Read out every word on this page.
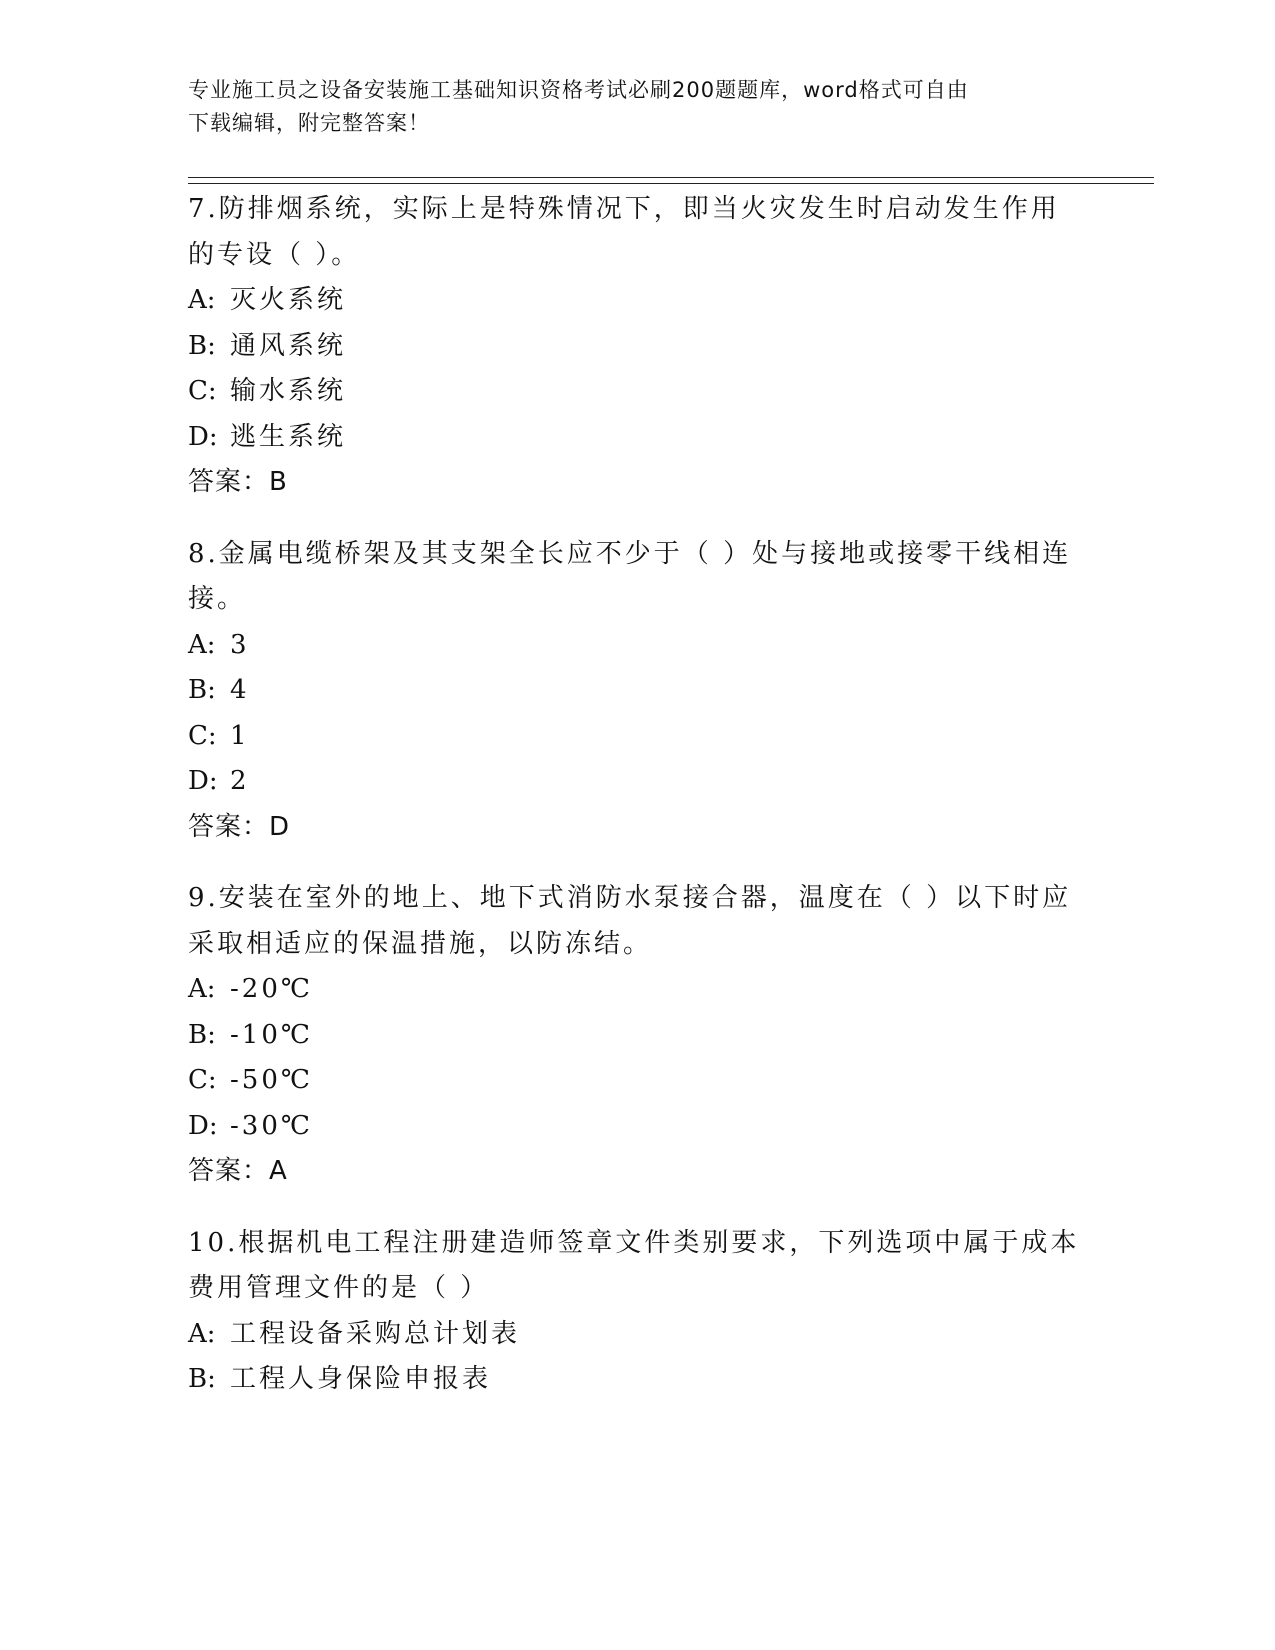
专业施工员之设备安装施工基础知识资格考试必刷200题题库，word格式可自由
下载编辑，附完整答案！
7.防排烟系统，实际上是特殊情况下，即当火灾发生时启动发生作用
的专设（ ）。
A: 灭火系统
B: 通风系统
C: 输水系统
D: 逃生系统
答案：B
8.金属电缆桥架及其支架全长应不少于（ ）处与接地或接零干线相连
接。
A: 3
B: 4
C: 1
D: 2
答案：D
9.安装在室外的地上、地下式消防水泵接合器，温度在（ ）以下时应
采取相适应的保温措施，以防冻结。
A: -20℃
B: -10℃
C: -50℃
D: -30℃
答案：A
10.根据机电工程注册建造师签章文件类别要求，下列选项中属于成本
费用管理文件的是（ ）
A: 工程设备采购总计划表
B: 工程人身保险申报表
